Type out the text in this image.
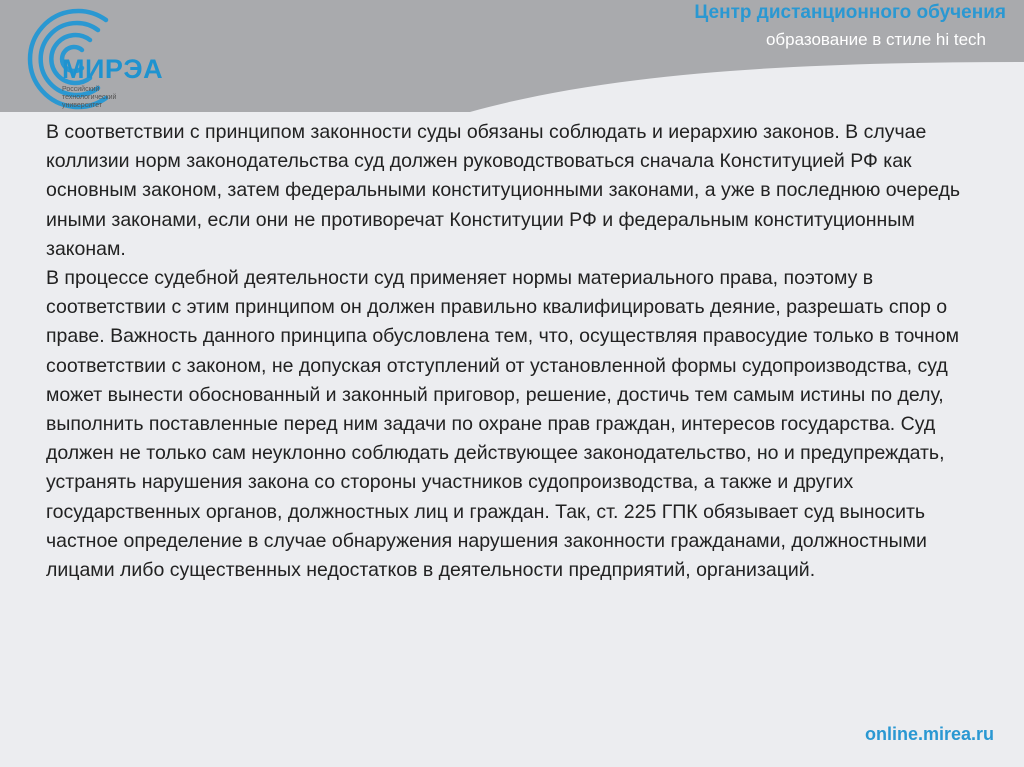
МИРЭА
Российский технологический университет
Центр дистанционного обучения
образование в стиле hi tech

В соответствии с принципом законности суды обязаны соблюдать и иерархию законов. В случае коллизии норм законодательства суд должен руководствоваться сначала Конституцией РФ как основным законом, затем федеральными конституционными законами, а уже в последнюю очередь иными законами, если они не противоречат Конституции РФ и федеральным конституционным законам.

В процессе судебной деятельности суд применяет нормы материального права, поэтому в соответствии с этим принципом он должен правильно квалифицировать деяние, разрешать спор о праве. Важность данного принципа обусловлена тем, что, осуществляя правосудие только в точном соответствии с законом, не допуская отступлений от установленной формы судопроизводства, суд может вынести обоснованный и законный приговор, решение, достичь тем самым истины по делу, выполнить поставленные перед ним задачи по охране прав граждан, интересов государства. Суд должен не только сам неуклонно соблюдать действующее законодательство, но и предупреждать, устранять нарушения закона со стороны участников судопроизводства, а также и других государственных органов, должностных лиц и граждан. Так, ст. 225 ГПК обязывает суд выносить частное определение в случае обнаружения нарушения законности гражданами, должностными лицами либо существенных недостатков в деятельности предприятий, организаций.

online.mirea.ru
